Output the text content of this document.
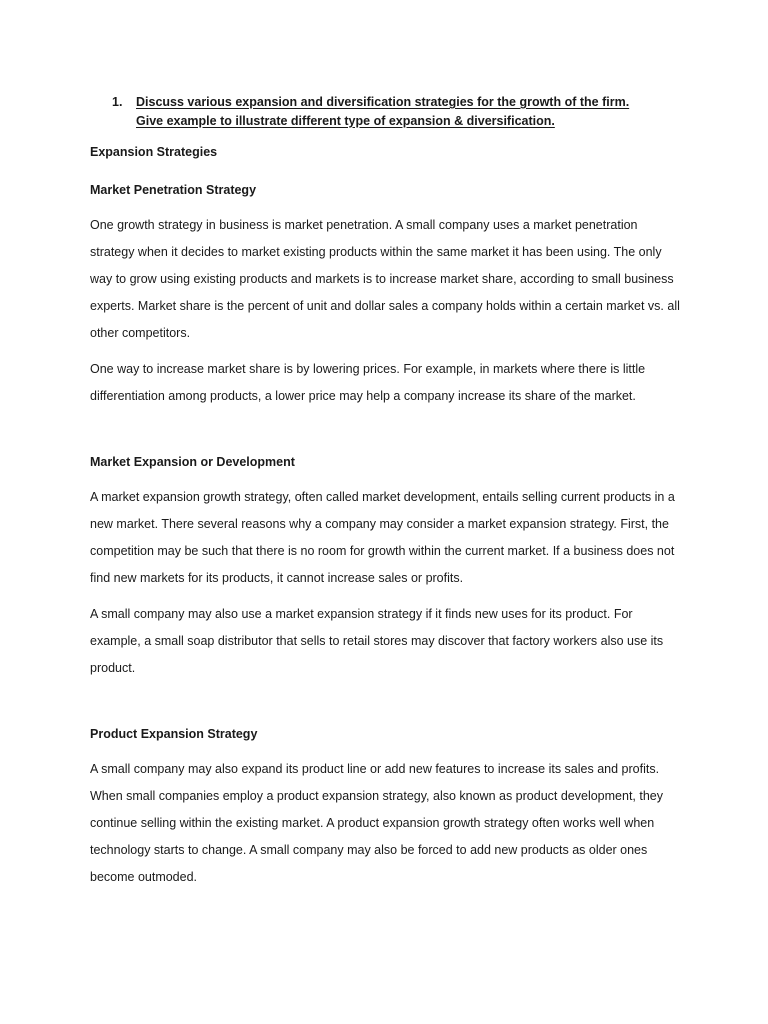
1.	Discuss various expansion and diversification strategies for the growth of the firm. Give example to illustrate different type of expansion & diversification.
Expansion Strategies
Market Penetration Strategy

One growth strategy in business is market penetration. A small company uses a market penetration strategy when it decides to market existing products within the same market it has been using. The only way to grow using existing products and markets is to increase market share, according to small business experts. Market share is the percent of unit and dollar sales a company holds within a certain market vs. all other competitors.

One way to increase market share is by lowering prices. For example, in markets where there is little differentiation among products, a lower price may help a company increase its share of the market.

Market Expansion or Development

A market expansion growth strategy, often called market development, entails selling current products in a new market. There several reasons why a company may consider a market expansion strategy. First, the competition may be such that there is no room for growth within the current market. If a business does not find new markets for its products, it cannot increase sales or profits.

A small company may also use a market expansion strategy if it finds new uses for its product. For example, a small soap distributor that sells to retail stores may discover that factory workers also use its product.

Product Expansion Strategy

A small company may also expand its product line or add new features to increase its sales and profits. When small companies employ a product expansion strategy, also known as product development, they continue selling within the existing market. A product expansion growth strategy often works well when technology starts to change. A small company may also be forced to add new products as older ones become outmoded.
